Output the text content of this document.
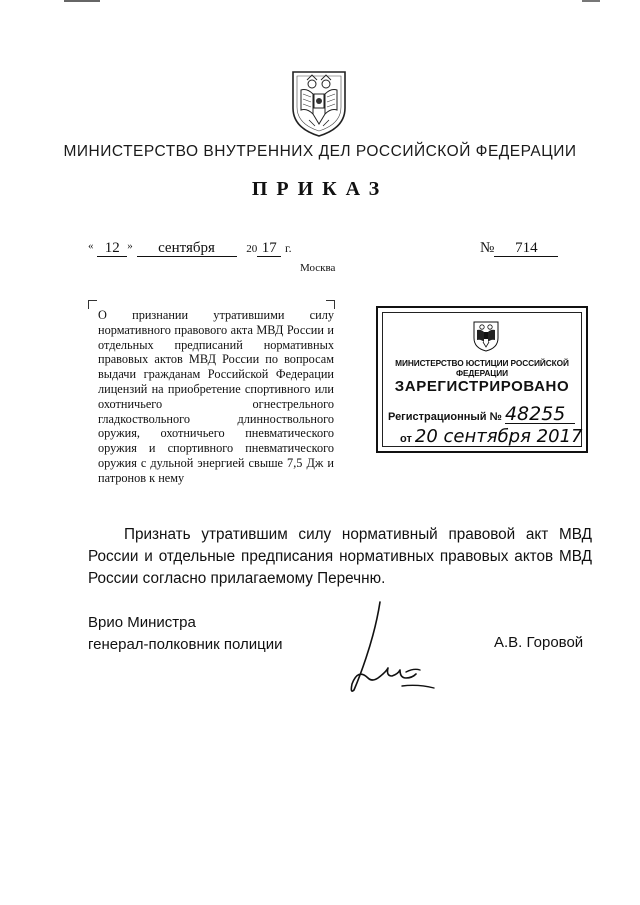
МИНИСТЕРСТВО ВНУТРЕННИХ ДЕЛ РОССИЙСКОЙ ФЕДЕРАЦИИ
ПРИКАЗ
« 12 » сентября	20 17 г.	№ 714
Москва
О признании утратившими силу нормативного правового акта МВД России и отдельных предписаний нормативных правовых актов МВД России по вопросам выдачи гражданам Российской Федерации лицензий на приобретение спортивного или охотничьего огнестрельного гладкоствольного длинноствольного оружия, охотничьего пневматического оружия и спортивного пневматического оружия с дульной энергией свыше 7,5 Дж и патронов к нему
МИНИСТЕРСТВО ЮСТИЦИИ РОССИЙСКОЙ ФЕДЕРАЦИИ
ЗАРЕГИСТРИРОВАНО
Регистрационный № 48255
от 20 сентября 2017
Признать утратившим силу нормативный правовой акт МВД России и отдельные предписания нормативных правовых актов МВД России согласно прилагаемому Перечню.
Врио Министра
генерал-полковник полиции	А.В. Горовой
